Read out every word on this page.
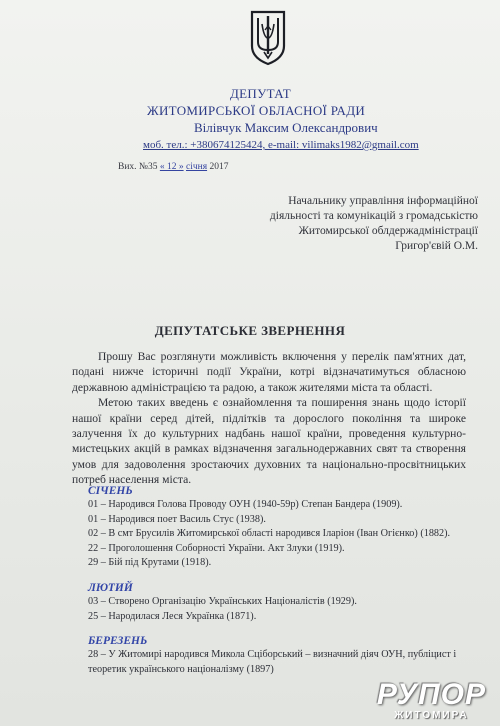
ДЕПУТАТ
ЖИТОМИРСЬКОЇ ОБЛАСНОЇ РАДИ
Вілівчук Максим Олександрович
моб. тел.: +380674125424, e-mail: vilimaks1982@gmail.com
Вих. №35 « 12 » січня 2017
Начальнику управління інформаційної
діяльності та комунікацій з громадськістю
Житомирської облдержадміністрації
Григор'євій О.М.
ДЕПУТАТСЬКЕ ЗВЕРНЕННЯ

Прошу Вас розглянути можливість включення у перелік пам'ятних дат, подані нижче історичні події України, котрі відзначатимуться обласною державною адміністрацією та радою, а також жителями міста та області.

Метою таких введень є ознайомлення та поширення знань щодо історії нашої країни серед дітей, підлітків та дорослого покоління та широке залучення їх до культурних надбань нашої країни, проведення культурно-мистецьких акцій в рамках відзначення загальнодержавних свят та створення умов для задоволення зростаючих духовних та національно-просвітницьких потреб населення міста.

СІЧЕНЬ

01 – Народився Голова Проводу ОУН (1940-59р) Степан Бандера (1909).

01 – Народився поет Василь Стус (1938).

02 – В смт Брусилів Житомирської області народився Іларіон (Іван Огієнко) (1882).

22 – Проголошення Соборності України. Акт Злуки (1919).

29 – Бій під Крутами (1918).

ЛЮТИЙ

03 – Створено Організацію Українських Націоналістів (1929).

25 – Народилася Леся Українка (1871).

БЕРЕЗЕНЬ

28 – У Житомирі народився Микола Сціборський – визначний діяч ОУН, публіцист і теоретик українського націоналізму (1897)

РУПОР
ЖИТОМИРА
